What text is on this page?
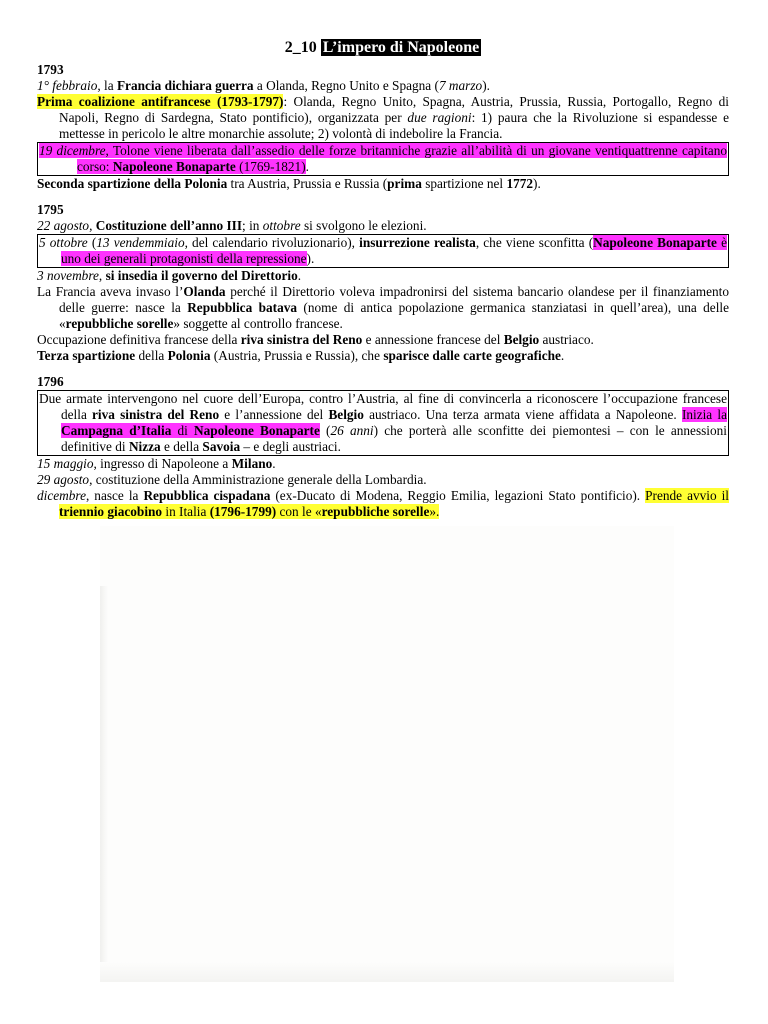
2_10 L’impero di Napoleone
1793
1° febbraio, la Francia dichiara guerra a Olanda, Regno Unito e Spagna (7 marzo).
Prima coalizione antifrancese (1793-1797): Olanda, Regno Unito, Spagna, Austria, Prussia, Russia, Portogallo, Regno di Napoli, Regno di Sardegna, Stato pontificio), organizzata per due ragioni: 1) paura che la Rivoluzione si espandesse e mettesse in pericolo le altre monarchie assolute; 2) volontà di indebolire la Francia.
19 dicembre, Tolone viene liberata dall’assedio delle forze britanniche grazie all’abilità di un giovane ventiquattrenne capitano corso: Napoleone Bonaparte (1769-1821).
Seconda spartizione della Polonia tra Austria, Prussia e Russia (prima spartizione nel 1772).
1795
22 agosto, Costituzione dell’anno III; in ottobre si svolgono le elezioni.
5 ottobre (13 vendemmiaio, del calendario rivoluzionario), insurrezione realista, che viene sconfitta (Napoleone Bonaparte è uno dei generali protagonisti della repressione).
3 novembre, si insedia il governo del Direttorio.
La Francia aveva invaso l’Olanda perché il Direttorio voleva impadronirsi del sistema bancario olandese per il finanziamento delle guerre: nasce la Repubblica batava (nome di antica popolazione germanica stanziatasi in quell’area), una delle «repubbliche sorelle» soggette al controllo francese.
Occupazione definitiva francese della riva sinistra del Reno e annessione francese del Belgio austriaco.
Terza spartizione della Polonia (Austria, Prussia e Russia), che sparisce dalle carte geografiche.
1796
Due armate intervengono nel cuore dell’Europa, contro l’Austria, al fine di convincerla a riconoscere l’occupazione francese della riva sinistra del Reno e l’annessione del Belgio austriaco. Una terza armata viene affidata a Napoleone. Inizia la Campagna d’Italia di Napoleone Bonaparte (26 anni) che porterà alle sconfitte dei piemontesi – con le annessioni definitive di Nizza e della Savoia – e degli austriaci.
15 maggio, ingresso di Napoleone a Milano.
29 agosto, costituzione della Amministrazione generale della Lombardia.
dicembre, nasce la Repubblica cispadana (ex-Ducato di Modena, Reggio Emilia, legazioni Stato pontificio). Prende avvio il triennio giacobino in Italia (1796-1799) con le «repubbliche sorelle».
